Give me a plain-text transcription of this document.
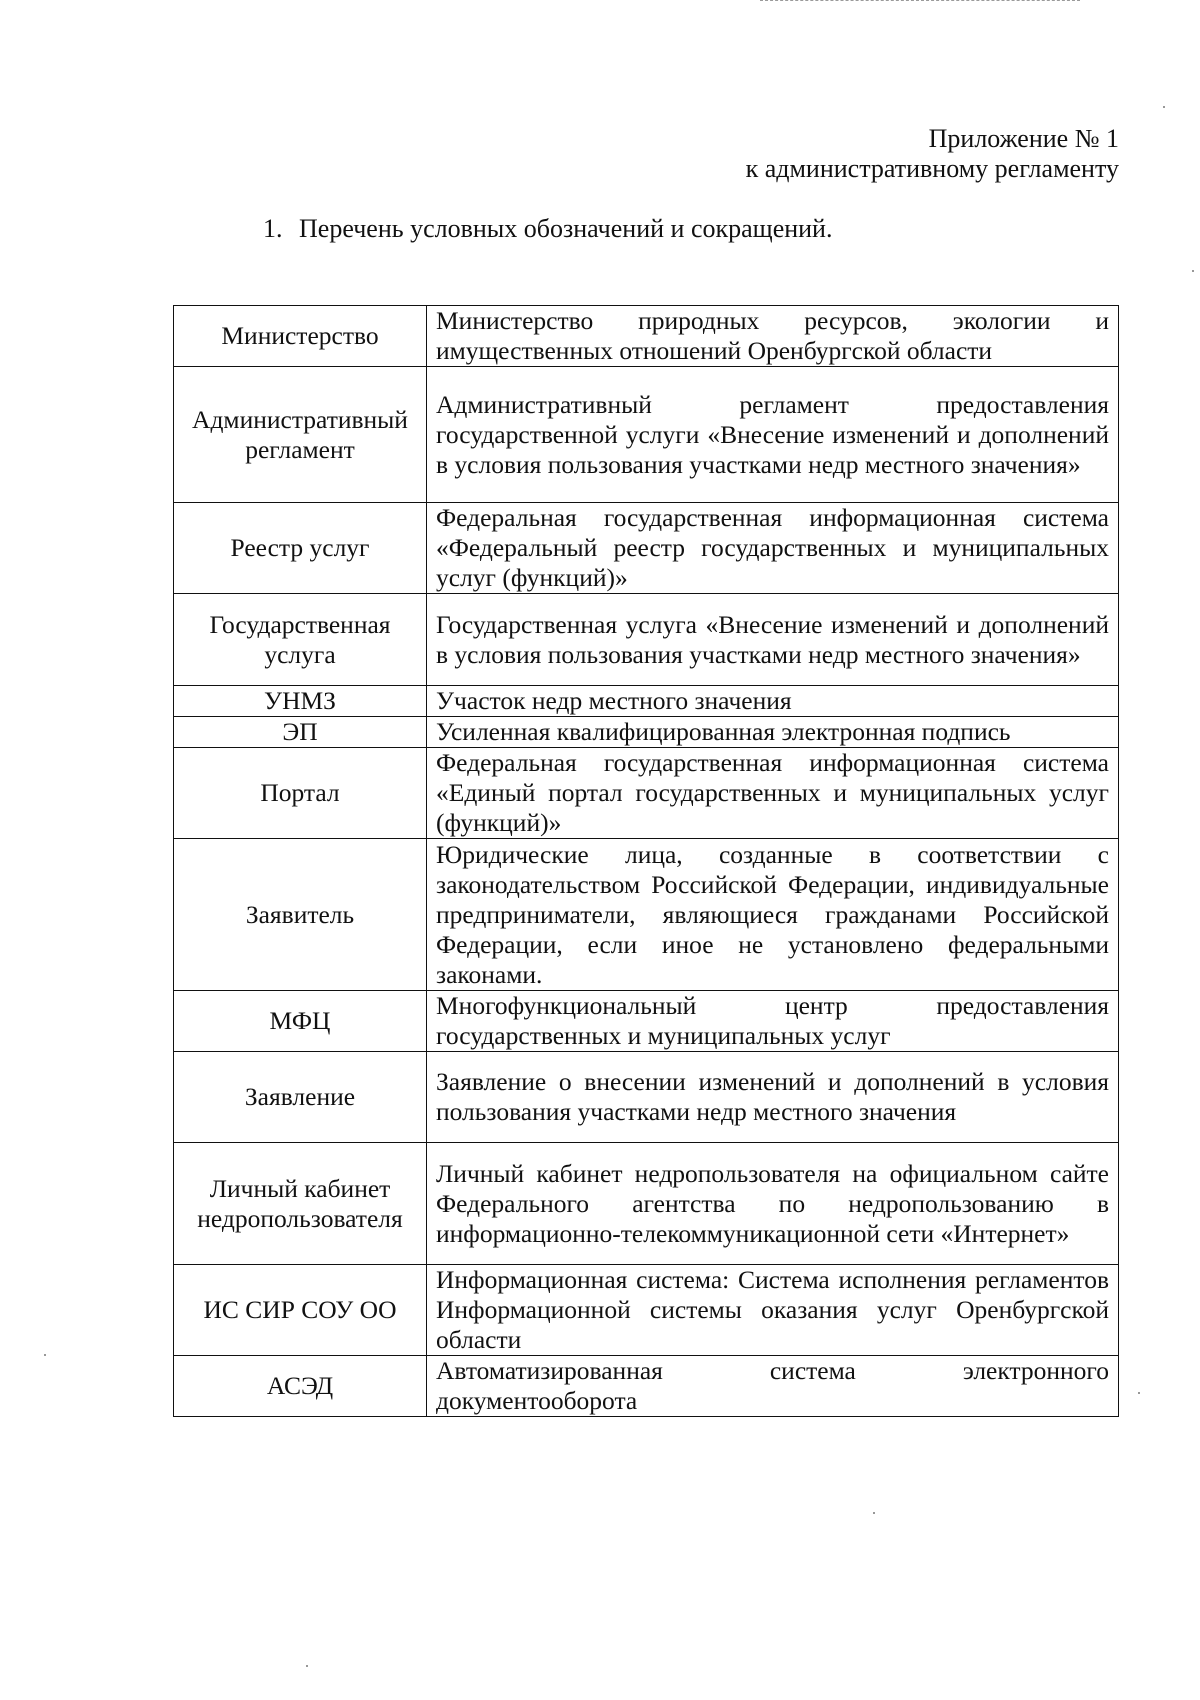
Приложение № 1
к административному регламенту
1. Перечень условных обозначений и сокращений.
Министерство	Министерство природных ресурсов, экологии и имущественных отношений Оренбургской области
Административный регламент	Административный регламент предоставления государственной услуги «Внесение изменений и дополнений в условия пользования участками недр местного значения»
Реестр услуг	Федеральная государственная информационная система «Федеральный реестр государственных и муниципальных услуг (функций)»
Государственная услуга	Государственная услуга «Внесение изменений и дополнений в условия пользования участками недр местного значения»
УНМЗ	Участок недр местного значения
ЭП	Усиленная квалифицированная электронная подпись
Портал	Федеральная государственная информационная система «Единый портал государственных и муниципальных услуг (функций)»
Заявитель	Юридические лица, созданные в соответствии с законодательством Российской Федерации, индивидуальные предприниматели, являющиеся гражданами Российской Федерации, если иное не установлено федеральными законами.
МФЦ	Многофункциональный центр предоставления государственных и муниципальных услуг
Заявление	Заявление о внесении изменений и дополнений в условия пользования участками недр местного значения
Личный кабинет недропользователя	Личный кабинет недропользователя на официальном сайте Федерального агентства по недропользованию в информационно-телекоммуникационной сети «Интернет»
ИС СИР СОУ ОО	Информационная система: Система исполнения регламентов Информационной системы оказания услуг Оренбургской области
АСЭД	Автоматизированная система электронного документооборота
